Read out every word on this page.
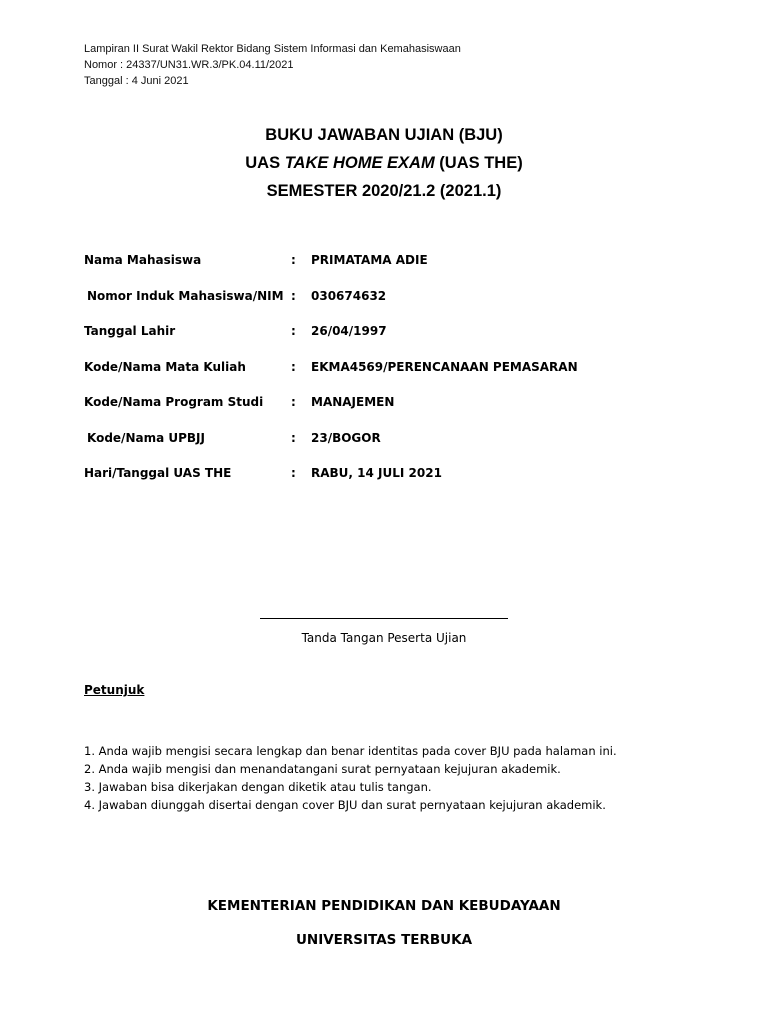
Lampiran II Surat Wakil Rektor Bidang Sistem Informasi dan Kemahasiswaan
Nomor : 24337/UN31.WR.3/PK.04.11/2021
Tanggal : 4 Juni 2021
BUKU JAWABAN UJIAN (BJU)
UAS TAKE HOME EXAM (UAS THE)
SEMESTER 2020/21.2 (2021.1)
Nama Mahasiswa	: PRIMATAMA ADIE
Nomor Induk Mahasiswa/NIM : 030674632
Tanggal Lahir	: 26/04/1997
Kode/Nama Mata Kuliah	: EKMA4569/PERENCANAAN PEMASARAN
Kode/Nama Program Studi : MANAJEMEN
Kode/Nama UPBJJ	: 23/BOGOR
Hari/Tanggal UAS THE	: RABU, 14 JULI 2021
Tanda Tangan Peserta Ujian
Petunjuk
1. Anda wajib mengisi secara lengkap dan benar identitas pada cover BJU pada halaman ini.
2. Anda wajib mengisi dan menandatangani surat pernyataan kejujuran akademik.
3. Jawaban bisa dikerjakan dengan diketik atau tulis tangan.
4. Jawaban diunggah disertai dengan cover BJU dan surat pernyataan kejujuran akademik.
KEMENTERIAN PENDIDIKAN DAN KEBUDAYAAN
UNIVERSITAS TERBUKA
